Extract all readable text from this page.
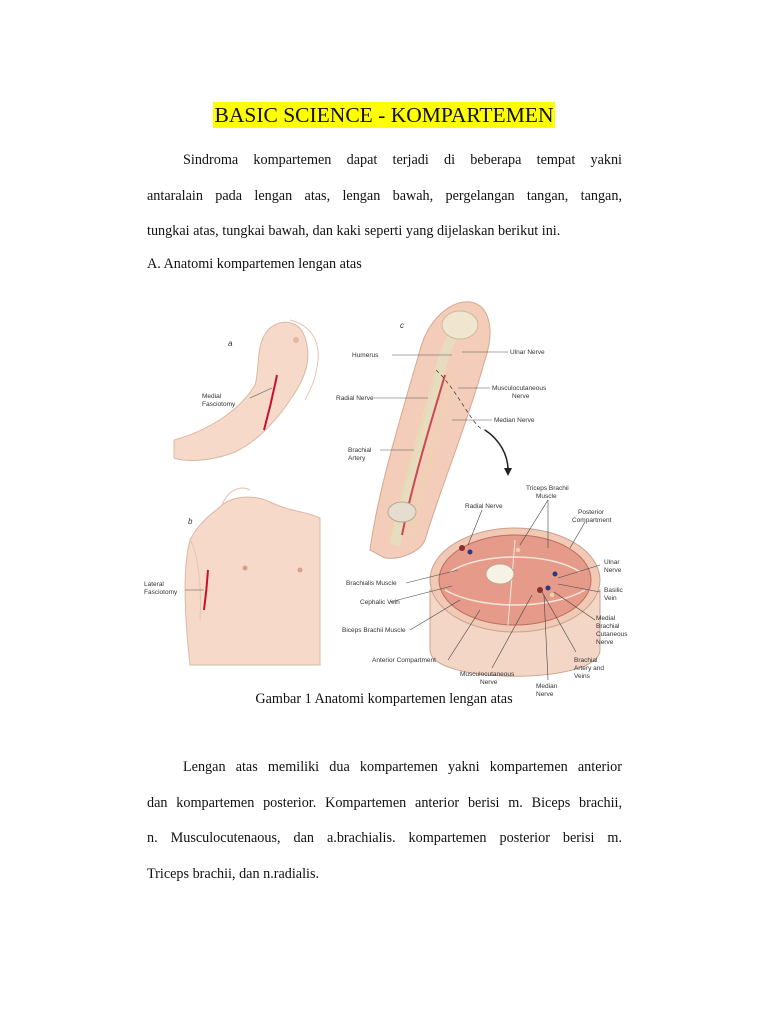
BASIC SCIENCE - KOMPARTEMEN
Sindroma kompartemen dapat terjadi di beberapa tempat yakni
antaralain pada lengan atas, lengan bawah, pergelangan tangan, tangan,
tungkai atas, tungkai bawah, dan kaki seperti yang dijelaskan berikut ini.

A. Anatomi kompartemen lengan atas

a
Medial
Fasciotomy
b
Lateral
Fasciotomy
c
Humerus
Radial Nerve
Brachial
Artery
Ulnar Nerve
Musculocutaneous
Nerve
Median Nerve
Triceps Brachii
Muscle
Radial Nerve
Posterior
Compartment
Brachialis Muscle
Cephalic Vein
Biceps Brachii Muscle
Anterior Compartment
Musculocutaneous
Nerve
Median
Nerve
Brachial
Artery and
Veins
Ulnar
Nerve
Basilic
Vein
Medial
Brachial
Cutaneous
Nerve

Gambar 1 Anatomi kompartemen lengan atas

Lengan atas memiliki dua kompartemen yakni kompartemen anterior
dan kompartemen posterior. Kompartemen anterior berisi m. Biceps brachii,
n. Musculocutenaous, dan a.brachialis. kompartemen posterior berisi m.
Triceps brachii, dan n.radialis.
